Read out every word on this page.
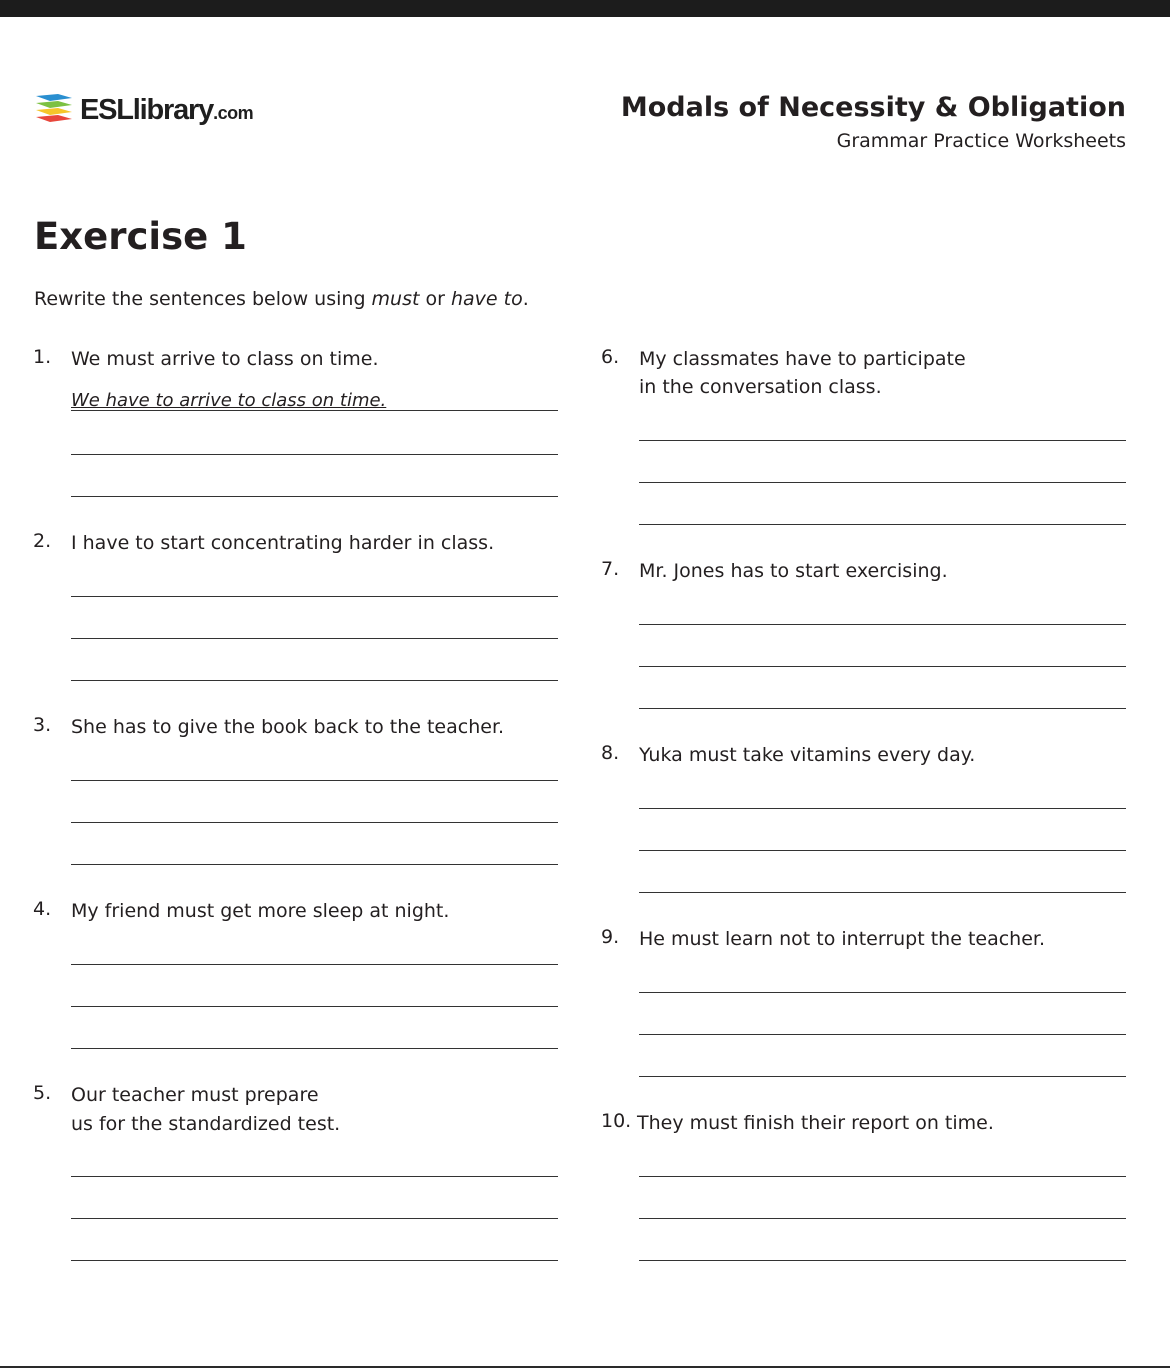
ESLlibrary.com	Modals of Necessity & Obligation
Grammar Practice Worksheets
Exercise 1
Rewrite the sentences below using must or have to.
1. We must arrive to class on time.
We have to arrive to class on time.
2. I have to start concentrating harder in class.
3. She has to give the book back to the teacher.
4. My friend must get more sleep at night.
5. Our teacher must prepare
us for the standardized test.
6. My classmates have to participate
in the conversation class.
7. Mr. Jones has to start exercising.
8. Yuka must take vitamins every day.
9. He must learn not to interrupt the teacher.
10. They must finish their report on time.
